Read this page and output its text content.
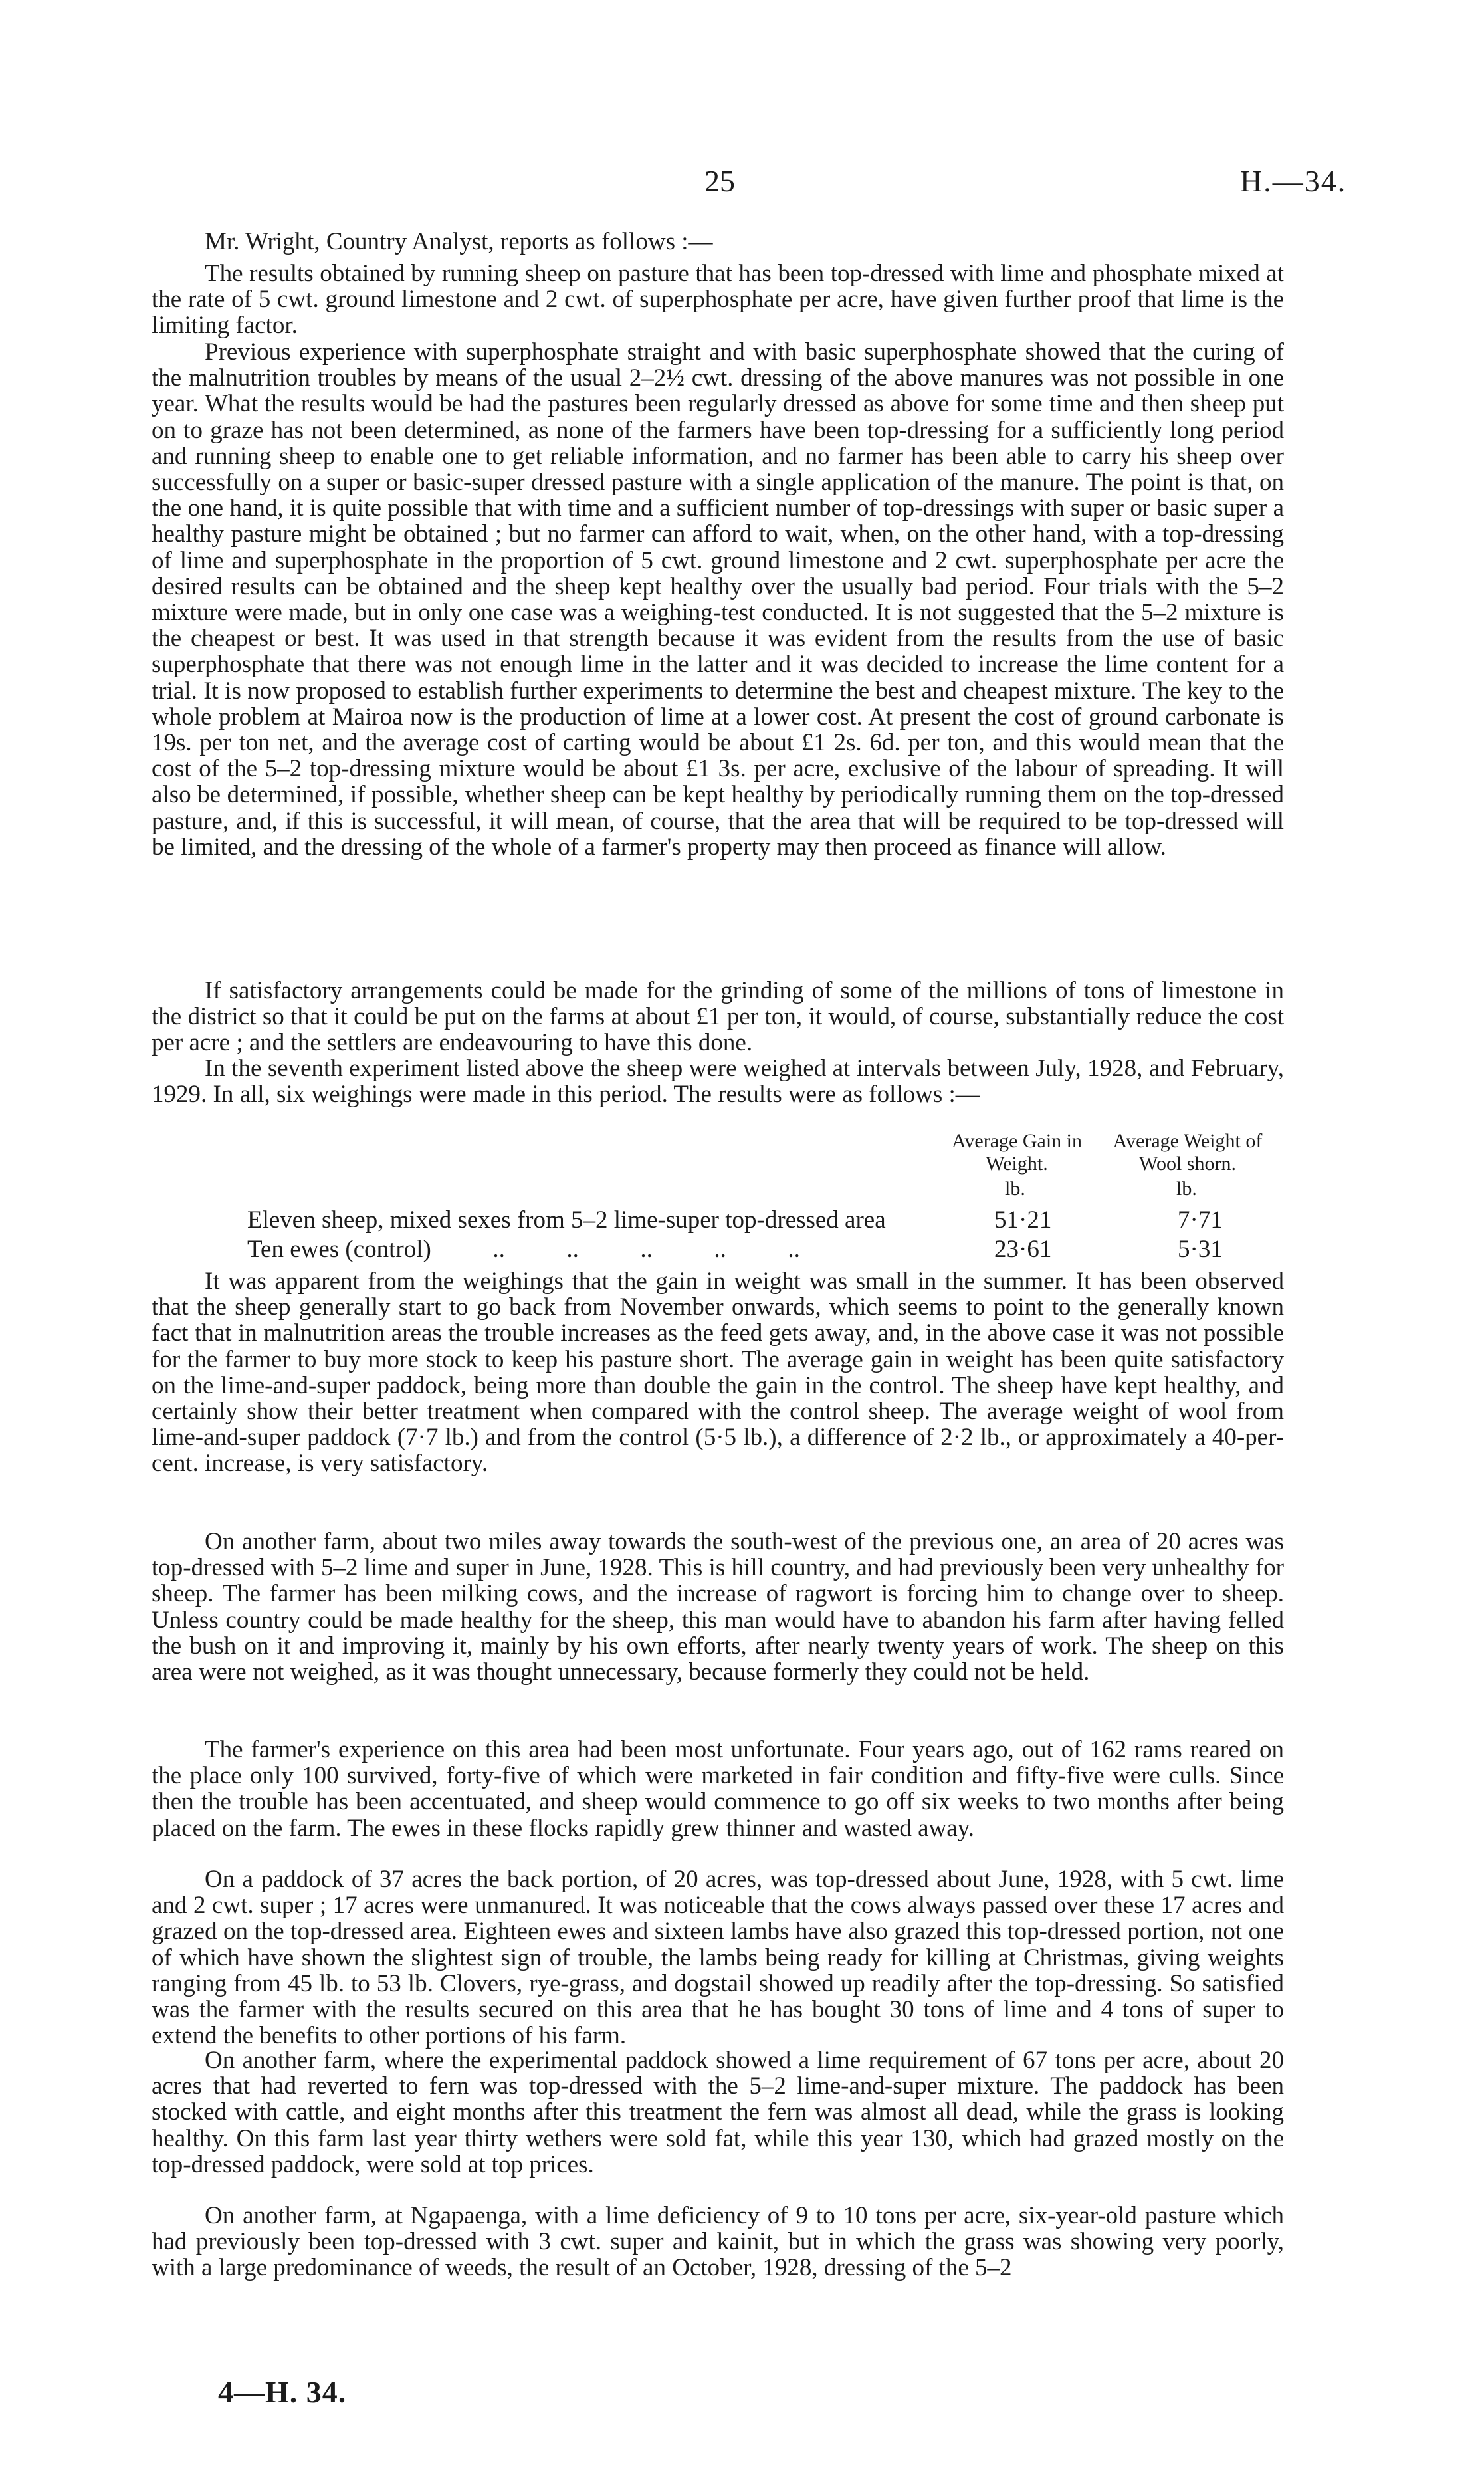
25	H.—34.
Mr. Wright, Country Analyst, reports as follows :—

The results obtained by running sheep on pasture that has been top-dressed with lime and phosphate mixed at the rate of 5 cwt. ground limestone and 2 cwt. of superphosphate per acre, have given further proof that lime is the limiting factor.

Previous experience with superphosphate straight and with basic superphosphate showed that the curing of the malnutrition troubles by means of the usual 2–2½ cwt. dressing of the above manures was not possible in one year. What the results would be had the pastures been regularly dressed as above for some time and then sheep put on to graze has not been determined, as none of the farmers have been top-dressing for a sufficiently long period and running sheep to enable one to get reliable information, and no farmer has been able to carry his sheep over successfully on a super or basic-super dressed pasture with a single application of the manure. The point is that, on the one hand, it is quite possible that with time and a sufficient number of top-dressings with super or basic super a healthy pasture might be obtained ; but no farmer can afford to wait, when, on the other hand, with a top-dressing of lime and superphosphate in the proportion of 5 cwt. ground limestone and 2 cwt. superphosphate per acre the desired results can be obtained and the sheep kept healthy over the usually bad period. Four trials with the 5–2 mixture were made, but in only one case was a weighing-test conducted. It is not suggested that the 5–2 mixture is the cheapest or best. It was used in that strength because it was evident from the results from the use of basic superphosphate that there was not enough lime in the latter and it was decided to increase the lime content for a trial. It is now proposed to establish further experiments to determine the best and cheapest mixture. The key to the whole problem at Mairoa now is the production of lime at a lower cost. At present the cost of ground carbonate is 19s. per ton net, and the average cost of carting would be about £1 2s. 6d. per ton, and this would mean that the cost of the 5–2 top-dressing mixture would be about £1 3s. per acre, exclusive of the labour of spreading. It will also be determined, if possible, whether sheep can be kept healthy by periodically running them on the top-dressed pasture, and, if this is successful, it will mean, of course, that the area that will be required to be top-dressed will be limited, and the dressing of the whole of a farmer's property may then proceed as finance will allow.

If satisfactory arrangements could be made for the grinding of some of the millions of tons of limestone in the district so that it could be put on the farms at about £1 per ton, it would, of course, substantially reduce the cost per acre ; and the settlers are endeavouring to have this done.

In the seventh experiment listed above the sheep were weighed at intervals between July, 1928, and February, 1929. In all, six weighings were made in this period. The results were as follows :—

Average Gain in Weight.
Average Weight of Wool shorn.
lb.	lb.
Eleven sheep, mixed sexes from 5–2 lime-super top-dressed area	51·21	7·71
Ten ewes (control)          ..          ..          ..          ..          ..	23·61	5·31

It was apparent from the weighings that the gain in weight was small in the summer. It has been observed that the sheep generally start to go back from November onwards, which seems to point to the generally known fact that in malnutrition areas the trouble increases as the feed gets away, and, in the above case it was not possible for the farmer to buy more stock to keep his pasture short. The average gain in weight has been quite satisfactory on the lime-and-super paddock, being more than double the gain in the control. The sheep have kept healthy, and certainly show their better treatment when compared with the control sheep. The average weight of wool from lime-and-super paddock (7·7 lb.) and from the control (5·5 lb.), a difference of 2·2 lb., or approximately a 40-per-cent. increase, is very satisfactory.

On another farm, about two miles away towards the south-west of the previous one, an area of 20 acres was top-dressed with 5–2 lime and super in June, 1928. This is hill country, and had previously been very unhealthy for sheep. The farmer has been milking cows, and the increase of ragwort is forcing him to change over to sheep. Unless country could be made healthy for the sheep, this man would have to abandon his farm after having felled the bush on it and improving it, mainly by his own efforts, after nearly twenty years of work. The sheep on this area were not weighed, as it was thought unnecessary, because formerly they could not be held.

The farmer's experience on this area had been most unfortunate. Four years ago, out of 162 rams reared on the place only 100 survived, forty-five of which were marketed in fair condition and fifty-five were culls. Since then the trouble has been accentuated, and sheep would commence to go off six weeks to two months after being placed on the farm. The ewes in these flocks rapidly grew thinner and wasted away.

On a paddock of 37 acres the back portion, of 20 acres, was top-dressed about June, 1928, with 5 cwt. lime and 2 cwt. super ; 17 acres were unmanured. It was noticeable that the cows always passed over these 17 acres and grazed on the top-dressed area. Eighteen ewes and sixteen lambs have also grazed this top-dressed portion, not one of which have shown the slightest sign of trouble, the lambs being ready for killing at Christmas, giving weights ranging from 45 lb. to 53 lb. Clovers, rye-grass, and dogstail showed up readily after the top-dressing. So satisfied was the farmer with the results secured on this area that he has bought 30 tons of lime and 4 tons of super to extend the benefits to other portions of his farm.

On another farm, where the experimental paddock showed a lime requirement of 67 tons per acre, about 20 acres that had reverted to fern was top-dressed with the 5–2 lime-and-super mixture. The paddock has been stocked with cattle, and eight months after this treatment the fern was almost all dead, while the grass is looking healthy. On this farm last year thirty wethers were sold fat, while this year 130, which had grazed mostly on the top-dressed paddock, were sold at top prices.

On another farm, at Ngapaenga, with a lime deficiency of 9 to 10 tons per acre, six-year-old pasture which had previously been top-dressed with 3 cwt. super and kainit, but in which the grass was showing very poorly, with a large predominance of weeds, the result of an October, 1928, dressing of the 5–2

4—H. 34.
